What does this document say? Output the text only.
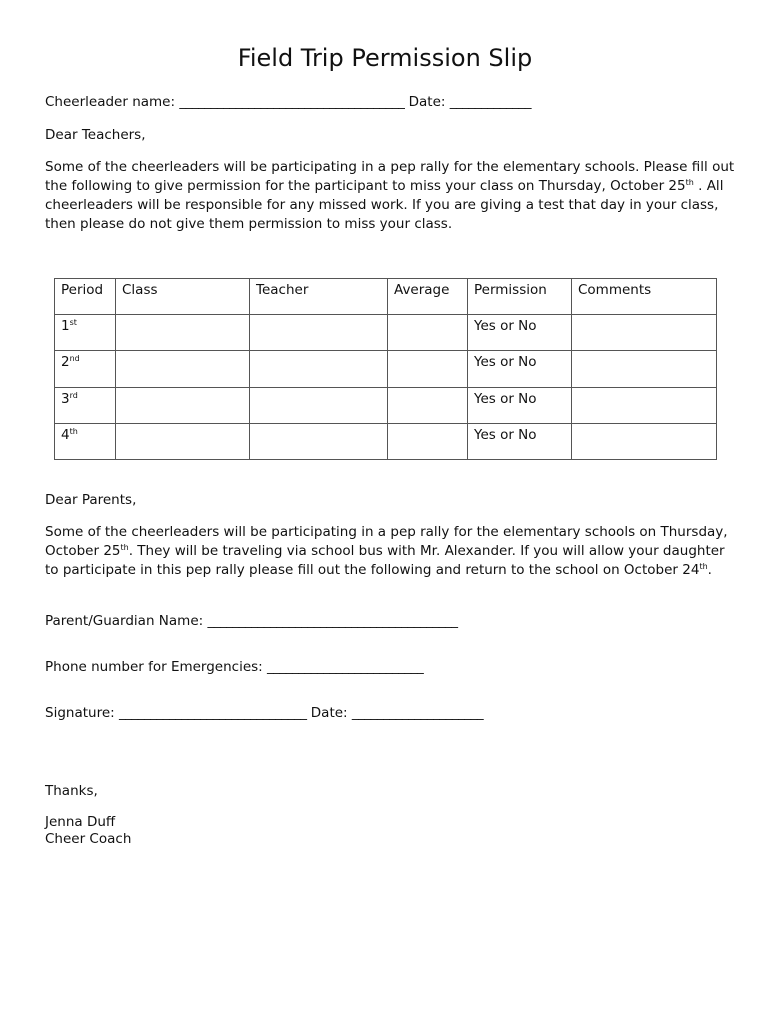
Field Trip Permission Slip
Cheerleader name: ____________________________________ Date: _____________
Dear Teachers,
Some of the cheerleaders will be participating in a pep rally for the elementary schools. Please fill out the following to give permission for the participant to miss your class on Thursday, October 25th . All cheerleaders will be responsible for any missed work. If you are giving a test that day in your class, then please do not give them permission to miss your class.
Period	Class	Teacher	Average	Permission	Comments
1st				Yes or No	
2nd				Yes or No	
3rd				Yes or No	
4th				Yes or No	
Dear Parents,
Some of the cheerleaders will be participating in a pep rally for the elementary schools on Thursday, October 25th. They will be traveling via school bus with Mr. Alexander. If you will allow your daughter to participate in this pep rally please fill out the following and return to the school on October 24th.
Parent/Guardian Name: ________________________________________
Phone number for Emergencies: _________________________
Signature: ______________________________ Date: _____________________
Thanks,
Jenna Duff
Cheer Coach
